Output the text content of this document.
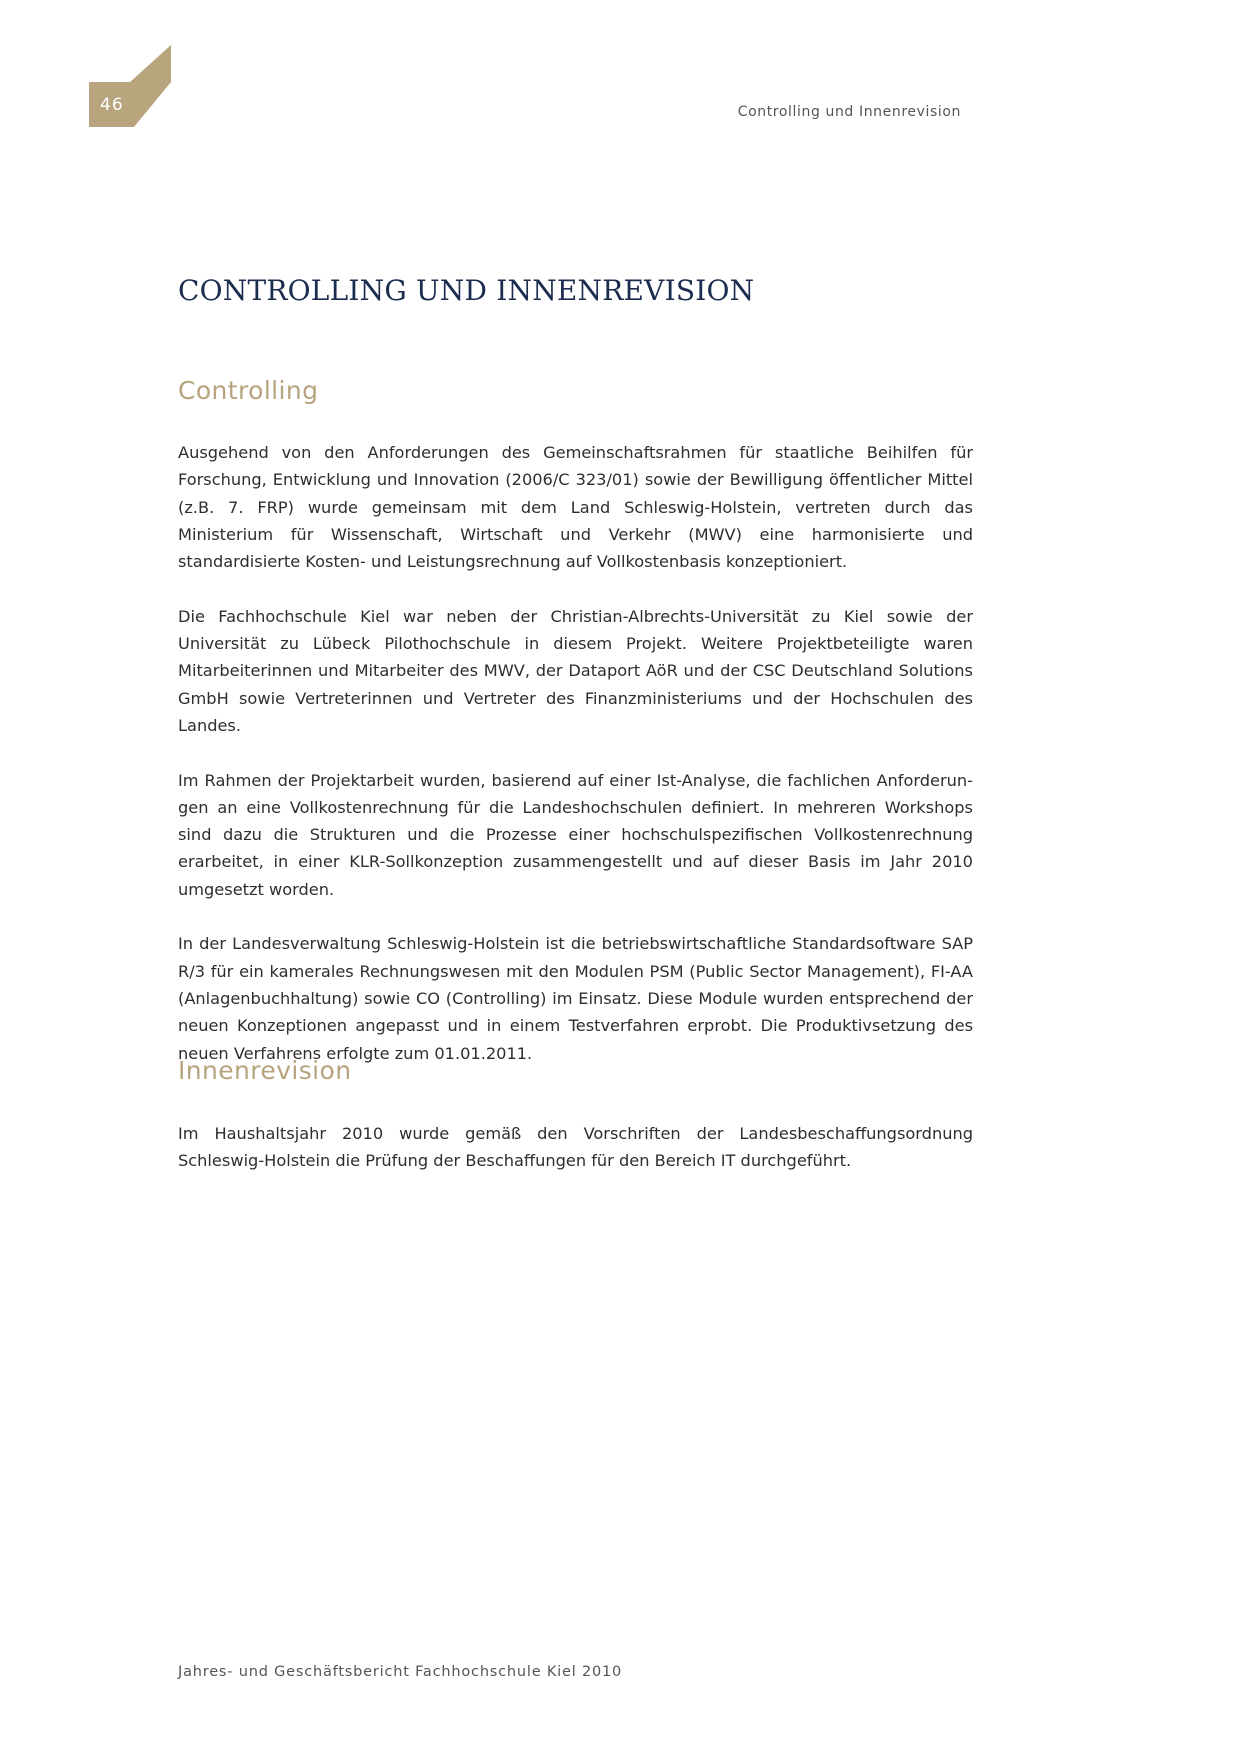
46	Controlling und Innenrevision
CONTROLLING UND INNENREVISION
Controlling

Ausgehend von den Anforderungen des Gemeinschaftsrahmen für staatliche Beihilfen für Forschung, Entwicklung und Innovation (2006/C 323/01) sowie der Bewilligung öffentlicher Mittel (z.B. 7. FRP) wurde gemeinsam mit dem Land Schleswig-Holstein, vertreten durch das Ministerium für Wissenschaft, Wirtschaft und Verkehr (MWV) eine harmonisierte und standardisierte Kosten- und Leistungsrechnung auf Vollkostenbasis konzeptioniert.

Die Fachhochschule Kiel war neben der Christian-Albrechts-Universität zu Kiel sowie der Universität zu Lübeck Pilothochschule in diesem Projekt. Weitere Projektbeteiligte waren Mitarbeiterinnen und Mitarbeiter des MWV, der Dataport AöR und der CSC Deutschland Solutions GmbH sowie Vertreterinnen und Vertreter des Finanzministeriums und der Hochschulen des Landes.

Im Rahmen der Projektarbeit wurden, basierend auf einer Ist-Analyse, die fachlichen Anforderungen an eine Vollkostenrechnung für die Landeshochschulen definiert. In mehreren Workshops sind dazu die Strukturen und die Prozesse einer hochschulspezifischen Vollkostenrechnung erarbeitet, in einer KLR-Sollkonzeption zusammengestellt und auf dieser Basis im Jahr 2010 umgesetzt worden.

In der Landesverwaltung Schleswig-Holstein ist die betriebswirtschaftliche Standardsoftware SAP R/3 für ein kamerales Rechnungswesen mit den Modulen PSM (Public Sector Management), FI-AA (Anlagenbuchhaltung) sowie CO (Controlling) im Einsatz. Diese Module wurden entsprechend der neuen Konzeptionen angepasst und in einem Testverfahren erprobt. Die Produktivsetzung des neuen Verfahrens erfolgte zum 01.01.2011.

Innenrevision

Im Haushaltsjahr 2010 wurde gemäß den Vorschriften der Landesbeschaffungsordnung Schleswig-Holstein die Prüfung der Beschaffungen für den Bereich IT durchgeführt.

Jahres- und Geschäftsbericht Fachhochschule Kiel 2010
